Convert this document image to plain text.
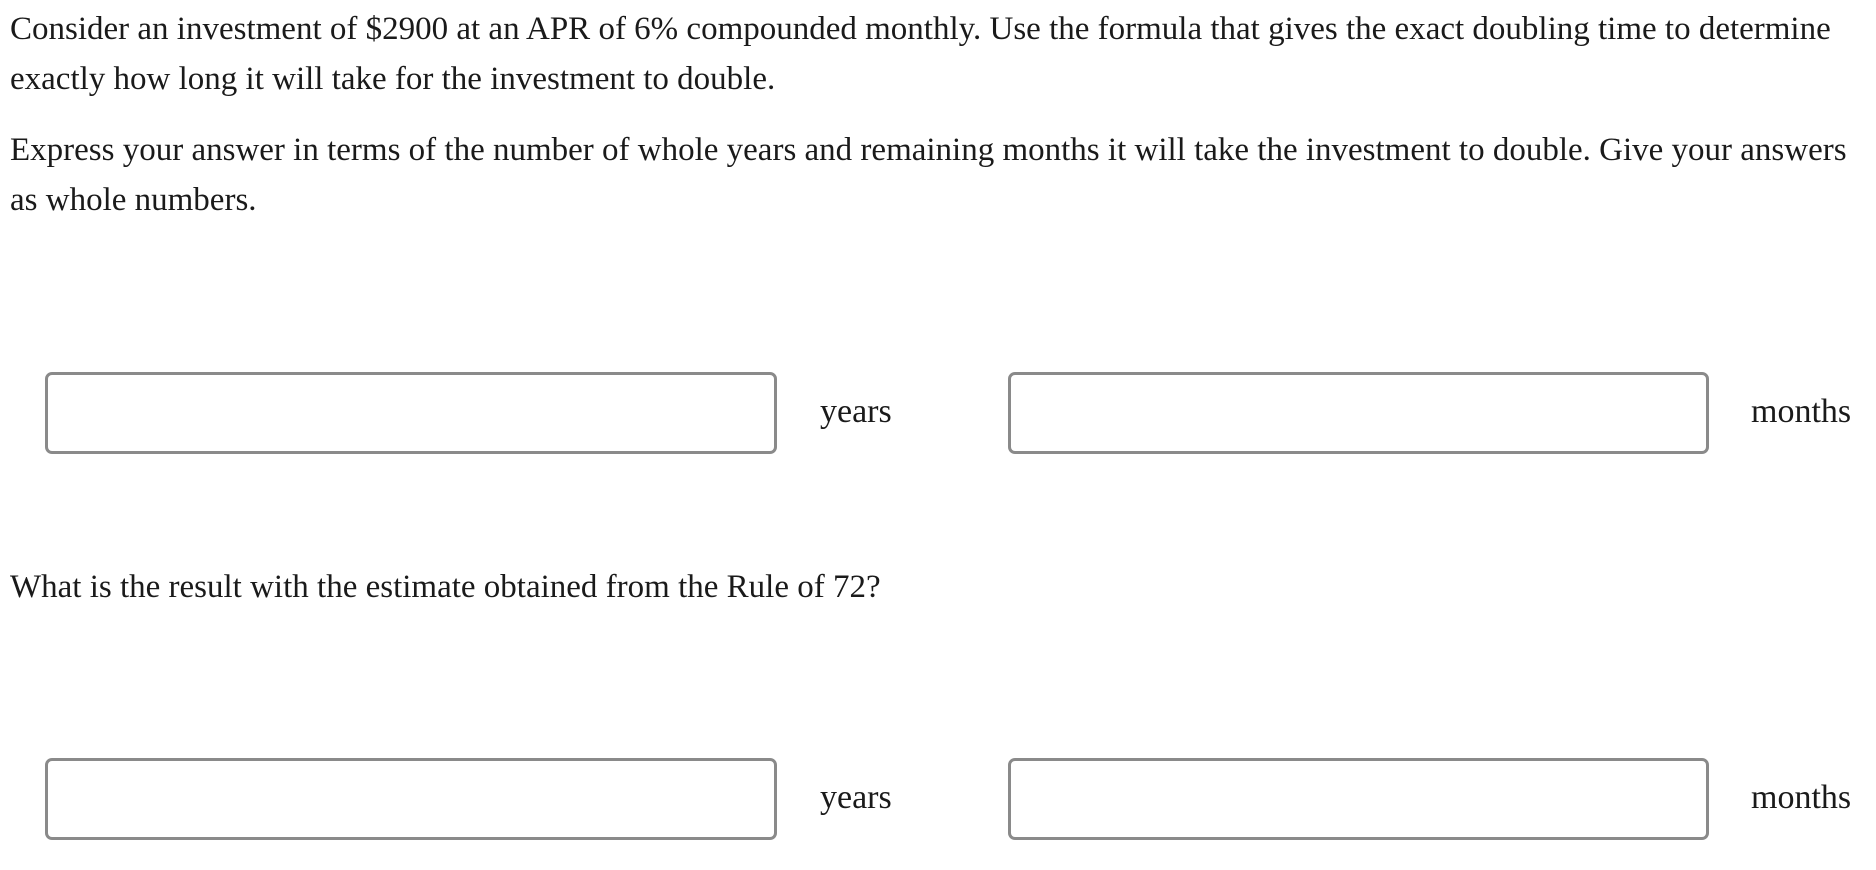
Consider an investment of $2900 at an APR of 6% compounded monthly. Use the formula that gives the exact doubling time to determine exactly how long it will take for the investment to double.

Express your answer in terms of the number of whole years and remaining months it will take the investment to double. Give your answers as whole numbers.

years	months

What is the result with the estimate obtained from the Rule of 72?

years	months
